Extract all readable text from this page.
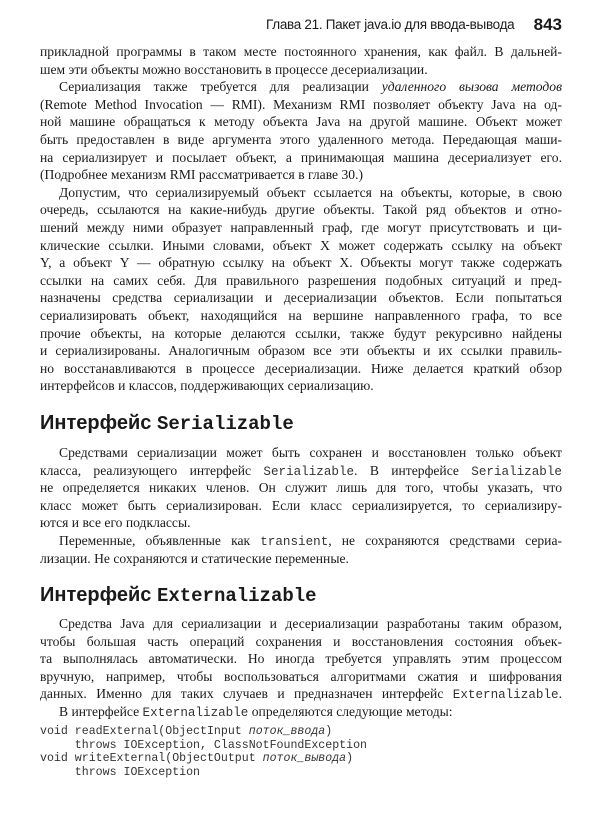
Глава 21. Пакет java.io для ввода-вывода 843
прикладной программы в таком месте постоянного хранения, как файл. В дальней-
шем эти объекты можно восстановить в процессе десериализации.
Сериализация также требуется для реализации удаленного вызова методов
(Remote Method Invocation — RMI). Механизм RMI позволяет объекту Java на од-
ной машине обращаться к методу объекта Java на другой машине. Объект может
быть предоставлен в виде аргумента этого удаленного метода. Передающая маши-
на сериализирует и посылает объект, а принимающая машина десериализует его.
(Подробнее механизм RMI рассматривается в главе 30.)
Допустим, что сериализируемый объект ссылается на объекты, которые, в свою
очередь, ссылаются на какие-нибудь другие объекты. Такой ряд объектов и отно-
шений между ними образует направленный граф, где могут присутствовать и ци-
клические ссылки. Иными словами, объект X может содержать ссылку на объект
Y, а объект Y — обратную ссылку на объект X. Объекты могут также содержать
ссылки на самих себя. Для правильного разрешения подобных ситуаций и пред-
назначены средства сериализации и десериализации объектов. Если попытаться
сериализировать объект, находящийся на вершине направленного графа, то все
прочие объекты, на которые делаются ссылки, также будут рекурсивно найдены
и сериализированы. Аналогичным образом все эти объекты и их ссылки правиль-
но восстанавливаются в процессе десериализации. Ниже делается краткий обзор
интерфейсов и классов, поддерживающих сериализацию.
Интерфейс Serializable
Средствами сериализации может быть сохранен и восстановлен только объект
класса, реализующего интерфейс Serializable. В интерфейсе Serializable
не определяется никаких членов. Он служит лишь для того, чтобы указать, что
класс может быть сериализирован. Если класс сериализируется, то сериализиру-
ются и все его подклассы.
Переменные, объявленные как transient, не сохраняются средствами сериа-
лизации. Не сохраняются и статические переменные.
Интерфейс Externalizable
Средства Java для сериализации и десериализации разработаны таким образом,
чтобы большая часть операций сохранения и восстановления состояния объек-
та выполнялась автоматически. Но иногда требуется управлять этим процессом
вручную, например, чтобы воспользоваться алгоритмами сжатия и шифрования
данных. Именно для таких случаев и предназначен интерфейс Externalizable.
В интерфейсе Externalizable определяются следующие методы:
void readExternal(ObjectInput поток_ввода)
throws IOException, ClassNotFoundException
void writeExternal(ObjectOutput поток_вывода)
throws IOException
